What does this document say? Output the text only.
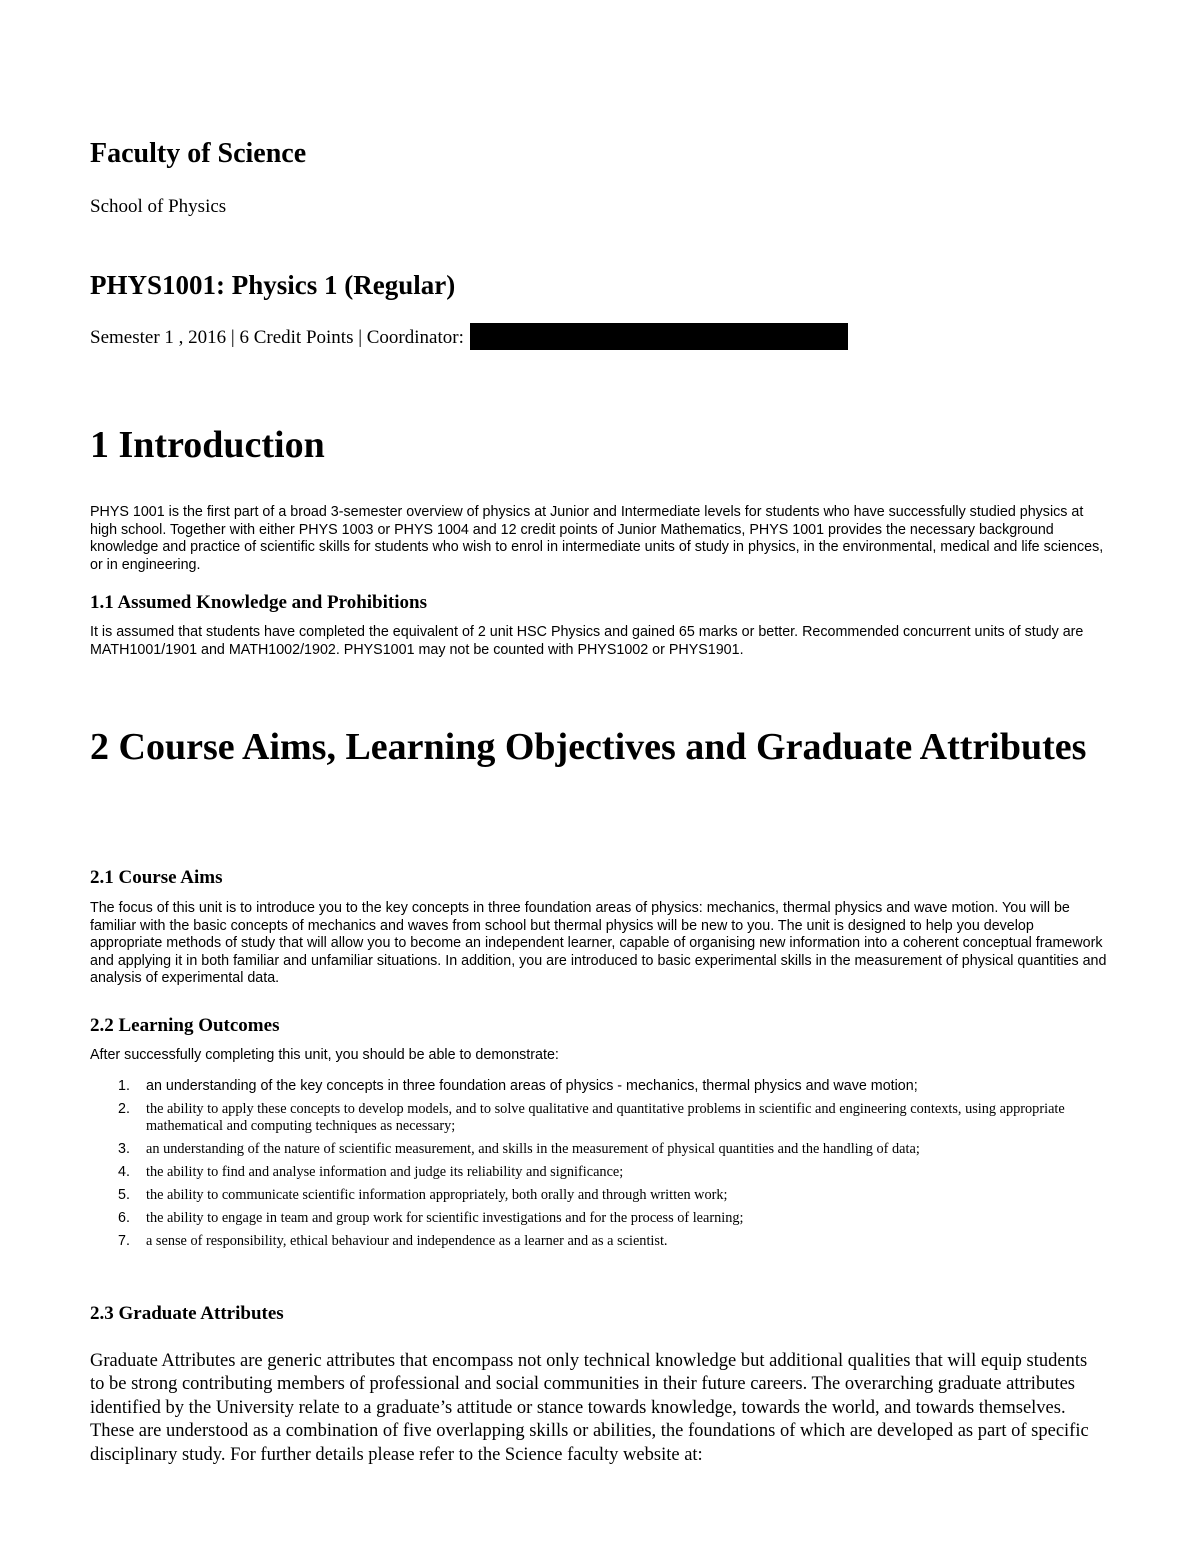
Faculty of Science

School of Physics

PHYS1001: Physics 1 (Regular)

Semester 1 , 2016 | 6 Credit Points | Coordinator:

1 Introduction

PHYS 1001 is the first part of a broad 3-semester overview of physics at Junior and Intermediate levels for students who have successfully studied physics at high school. Together with either PHYS 1003 or PHYS 1004 and 12 credit points of Junior Mathematics, PHYS 1001 provides the necessary background knowledge and practice of scientific skills for students who wish to enrol in intermediate units of study in physics, in the environmental, medical and life sciences, or in engineering.

1.1 Assumed Knowledge and Prohibitions

It is assumed that students have completed the equivalent of 2 unit HSC Physics and gained 65 marks or better. Recommended concurrent units of study are MATH1001/1901 and MATH1002/1902. PHYS1001 may not be counted with PHYS1002 or PHYS1901.

2 Course Aims, Learning Objectives and Graduate Attributes
2.1 Course Aims

The focus of this unit is to introduce you to the key concepts in three foundation areas of physics: mechanics, thermal physics and wave motion. You will be familiar with the basic concepts of mechanics and waves from school but thermal physics will be new to you. The unit is designed to help you develop appropriate methods of study that will allow you to become an independent learner, capable of organising new information into a coherent conceptual framework and applying it in both familiar and unfamiliar situations. In addition, you are introduced to basic experimental skills in the measurement of physical quantities and analysis of experimental data.

2.2 Learning Outcomes

After successfully completing this unit, you should be able to demonstrate:

1. an understanding of the key concepts in three foundation areas of physics - mechanics, thermal physics and wave motion;
2. the ability to apply these concepts to develop models, and to solve qualitative and quantitative problems in scientific and engineering contexts, using appropriate mathematical and computing techniques as necessary;
3. an understanding of the nature of scientific measurement, and skills in the measurement of physical quantities and the handling of data;
4. the ability to find and analyse information and judge its reliability and significance;
5. the ability to communicate scientific information appropriately, both orally and through written work;
6. the ability to engage in team and group work for scientific investigations and for the process of learning;
7. a sense of responsibility, ethical behaviour and independence as a learner and as a scientist.
2.3 Graduate Attributes

Graduate Attributes are generic attributes that encompass not only technical knowledge but additional qualities that will equip students to be strong contributing members of professional and social communities in their future careers. The overarching graduate attributes identified by the University relate to a graduate’s attitude or stance towards knowledge, towards the world, and towards themselves. These are understood as a combination of five overlapping skills or abilities, the foundations of which are developed as part of specific disciplinary study. For further details please refer to the Science faculty website at:
